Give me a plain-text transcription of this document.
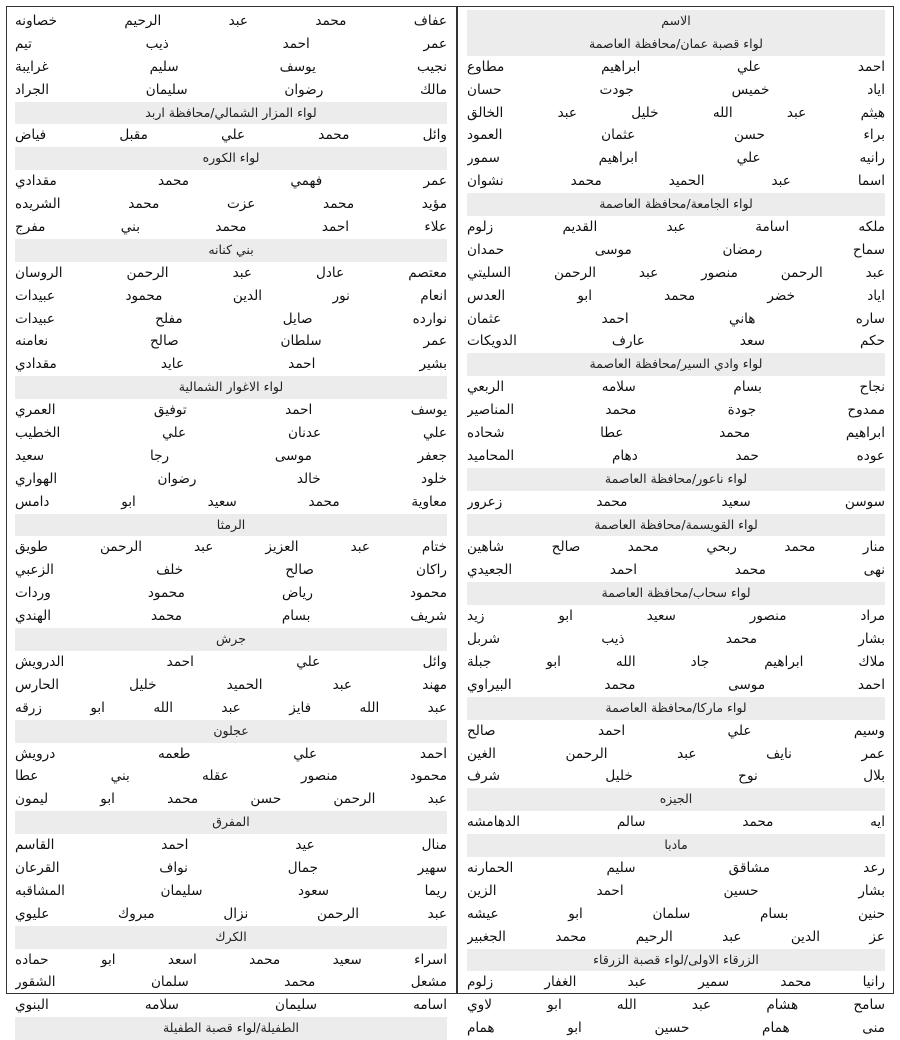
الاسم
لواء قصبة عمان/محافظة العاصمة
احمد علي ابراهيم مطاوع
اياد خميس جودت حسان
هيثم عبد الله خليل عبد الخالق
براء حسن عثمان العمود
رانيه علي ابراهيم سمور
اسما عبد الحميد محمد نشوان
لواء الجامعة/محافظة العاصمة
ملكه اسامة عبد القديم زلوم
سماح رمضان موسى حمدان
عبد الرحمن منصور عبد الرحمن السليتي
اياد خضر محمد ابو العدس
ساره هاني احمد عثمان
حكم سعد عارف الدويكات
لواء وادي السير/محافظة العاصمة
نجاح بسام سلامه الربعي
ممدوح جودة محمد المناصير
ابراهيم محمد عطا شحاده
عوده حمد دهام المحاميد
لواء ناعور/محافظة العاصمة
سوسن سعيد محمد زعرور
لواء القويسمة/محافظة العاصمة
منار محمد ربحي محمد صالح شاهين
نهى محمد احمد الجعيدي
لواء سحاب/محافظة العاصمة
مراد منصور سعيد ابو زيد
بشار محمد ذيب شربل
ملاك ابراهيم جاد الله ابو جبلة
احمد موسى محمد البيراوي
لواء ماركا/محافظة العاصمة
وسيم علي احمد صالح
عمر نايف عبد الرحمن الغين
بلال نوح خليل شرف
الجيزه
ايه محمد سالم الدهامشه
مادبا
رعد مشاقق سليم الحمارنه
بشار حسين احمد الزين
حنين بسام سلمان ابو عيشه
عز الدين عبد الرحيم محمد الجغبير
الزرقاء الاولى/لواء قصبة الزرقاء
رانيا محمد سمير عبد الغفار زلوم
سامح هشام عبد الله ابو لاوي
منى همام حسين ابو همام
عفاف محمد عبد الرحيم خصاونه
عمر احمد ذيب تيم
نجيب يوسف سليم غرايبة
مالك رضوان سليمان الجراد
لواء المزار الشمالي/محافظة اربد
وائل محمد علي مقبل فياض
لواء الكوره
عمر فهمي محمد مقدادي
مؤيد محمد عزت محمد الشريده
علاء احمد محمد بني مفرج
بني كنانه
معتصم عادل عبد الرحمن الروسان
انعام نور الدين محمود عبيدات
نوارده صايل مفلح عبيدات
عمر سلطان صالح نعامنه
بشير احمد عايد مقدادي
لواء الاغوار الشمالية
يوسف احمد توفيق العمري
علي عدنان علي الخطيب
جعفر موسى رجا سعيد
خلود خالد رضوان الهواري
معاوية محمد سعيد ابو دامس
الرمثا
ختام عبد العزيز عبد الرحمن طويق
راكان صالح خلف الزعبي
محمود رياض محمود وردات
شريف بسام محمد الهندي
جرش
وائل علي احمد الدرويش
مهند عبد الحميد خليل الحارس
عبد الله فايز عبد الله ابو زرقه
عجلون
احمد علي طعمه درويش
محمود منصور عقله بني عطا
عبد الرحمن حسن محمد ابو ليمون
المفرق
منال عيد احمد القاسم
سهير جمال نواف القرعان
ريما سعود سليمان المشاقبه
عبد الرحمن نزال مبروك عليوي
الكرك
اسراء سعيد محمد اسعد ابو حماده
مشعل محمد سلمان الشقور
اسامه سليمان سلامه البنوي
الطفيلة/لواء قصبة الطفيلة
